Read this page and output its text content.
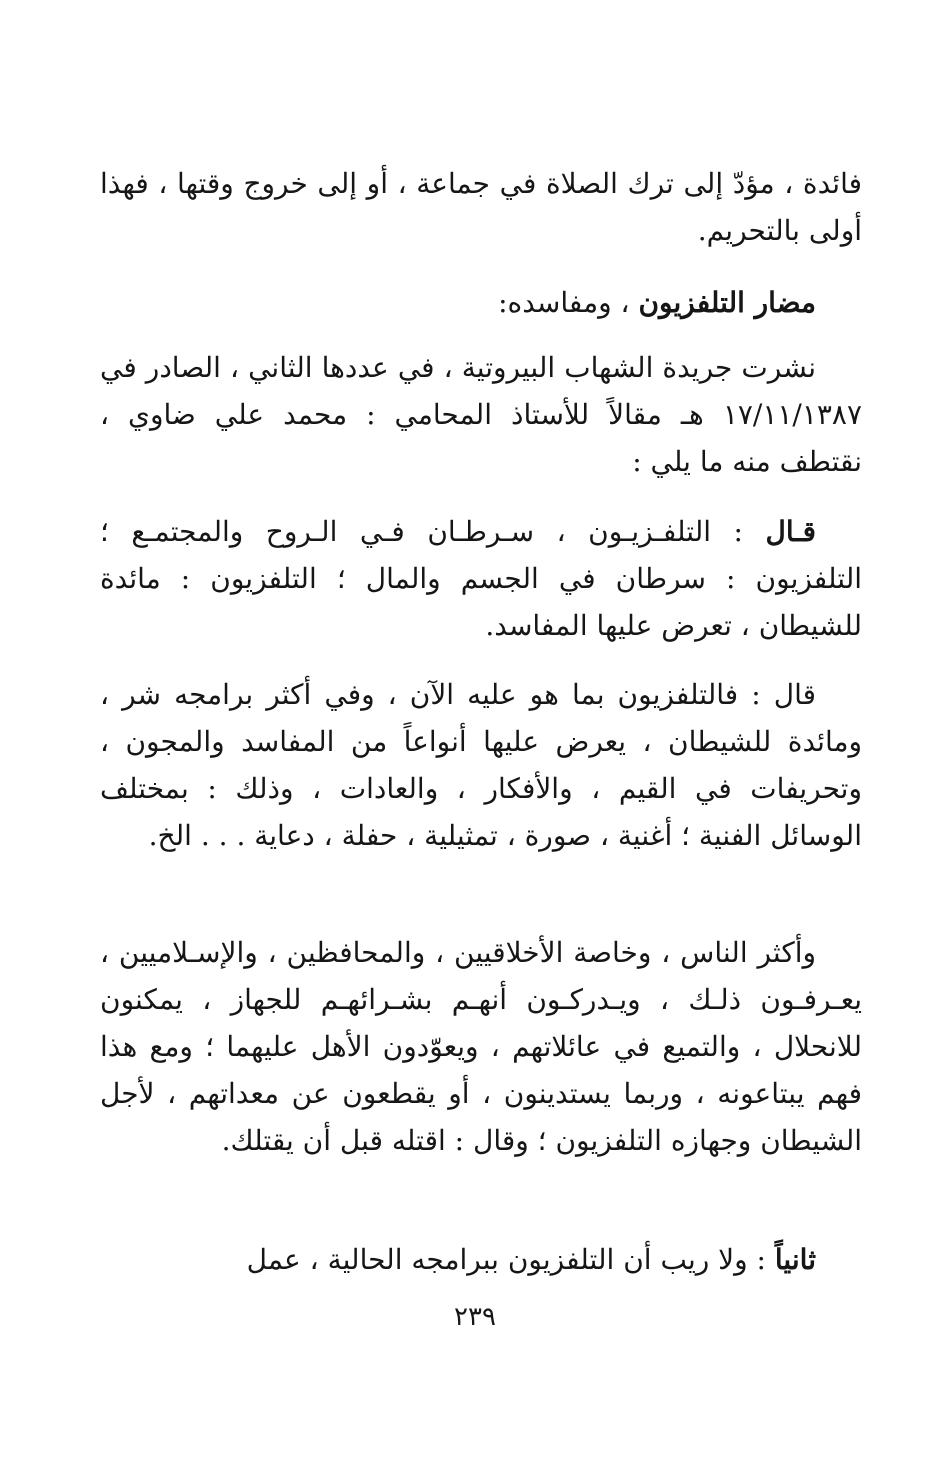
فائدة ، مؤدّ إلى ترك الصلاة في جماعة ، أو إلى خروج وقتها ، فهذا أولى بالتحريم.

مضار التلفزيون ، ومفاسده:

نشرت جريدة الشهاب البيروتية ، في عددها الثاني ، الصادر في ١٧/١١/١٣٨٧ هـ مقالاً للأستاذ المحامي : محمد علي ضاوي ، نقتطف منه ما يلي :

قـال : التلفـزيـون ، سـرطـان فـي الـروح والمجتمـع ؛ التلفزيون : سرطان في الجسم والمال ؛ التلفزيون : مائدة للشيطان ، تعرض عليها المفاسد.

قال : فالتلفزيون بما هو عليه الآن ، وفي أكثر برامجه شر ، ومائدة للشيطان ، يعرض عليها أنواعاً من المفاسد والمجون ، وتحريفات في القيم ، والأفكار ، والعادات ، وذلك : بمختلف الوسائل الفنية ؛ أغنية ، صورة ، تمثيلية ، حفلة ، دعاية . . . الخ.

وأكثر الناس ، وخاصة الأخلاقيين ، والمحافظين ، والإسـلاميين ، يعـرفـون ذلـك ، ويـدركـون أنهـم بشـرائهـم للجهاز ، يمكنون للانحلال ، والتميع في عائلاتهم ، ويعوّدون الأهل عليهما ؛ ومع هذا فهم يبتاعونه ، وربما يستدينون ، أو يقطعون عن معداتهم ، لأجل الشيطان وجهازه التلفزيون ؛ وقال : اقتله قبل أن يقتلك.

ثانياً : ولا ريب أن التلفزيون ببرامجه الحالية ، عمل

٢٣٩
